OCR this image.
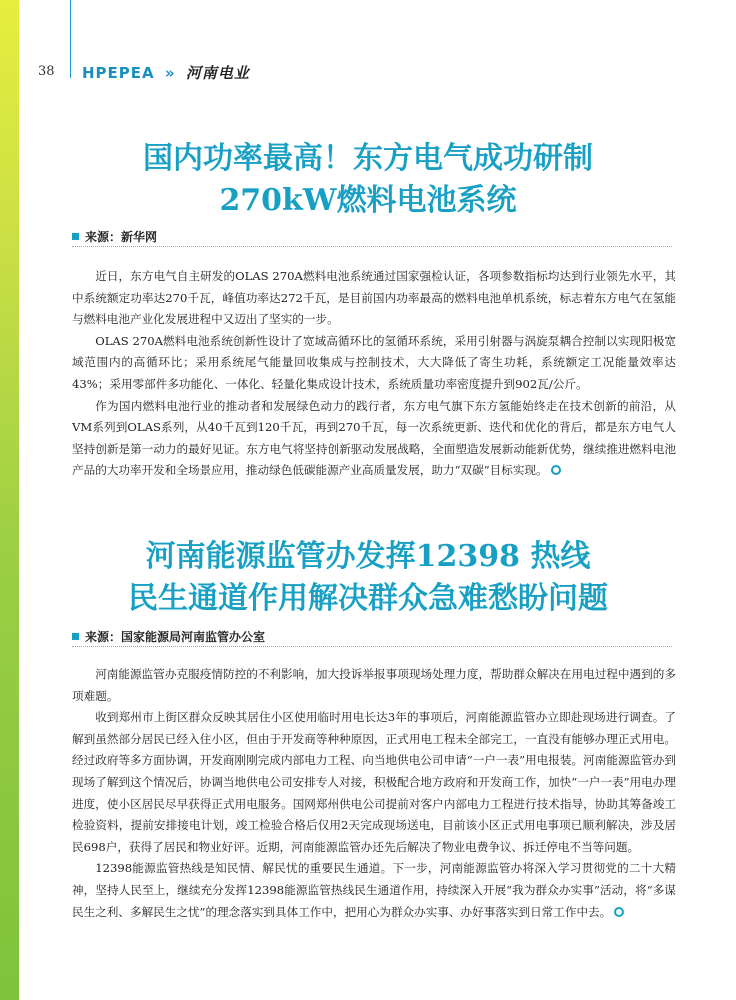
38 HPEPEA » 河南电业
国内功率最高！东方电气成功研制
270kW燃料电池系统
来源：新华网

近日，东方电气自主研发的OLAS 270A燃料电池系统通过国家强检认证，各项参数指标均达到行业领先水平，其中系统额定功率达270千瓦，峰值功率达272千瓦，是目前国内功率最高的燃料电池单机系统，标志着东方电气在氢能与燃料电池产业化发展进程中又迈出了坚实的一步。

OLAS 270A燃料电池系统创新性设计了宽域高循环比的氢循环系统，采用引射器与涡旋泵耦合控制以实现阳极宽域范围内的高循环比；采用系统尾气能量回收集成与控制技术，大大降低了寄生功耗，系统额定工况能量效率达43%；采用零部件多功能化、一体化、轻量化集成设计技术，系统质量功率密度提升到902瓦/公斤。

作为国内燃料电池行业的推动者和发展绿色动力的践行者，东方电气旗下东方氢能始终走在技术创新的前沿，从VM系列到OLAS系列，从40千瓦到120千瓦，再到270千瓦，每一次系统更新、迭代和优化的背后，都是东方电气人坚持创新是第一动力的最好见证。东方电气将坚持创新驱动发展战略，全面塑造发展新动能新优势，继续推进燃料电池产品的大功率开发和全场景应用，推动绿色低碳能源产业高质量发展，助力“双碳”目标实现。

河南能源监管办发挥12398 热线
民生通道作用解决群众急难愁盼问题
来源：国家能源局河南监管办公室

河南能源监管办克服疫情防控的不利影响，加大投诉举报事项现场处理力度，帮助群众解决在用电过程中遇到的多项难题。

收到郑州市上街区群众反映其居住小区使用临时用电长达3年的事项后，河南能源监管办立即赴现场进行调查。了解到虽然部分居民已经入住小区，但由于开发商等种种原因，正式用电工程未全部完工，一直没有能够办理正式用电。经过政府等多方面协调，开发商刚刚完成内部电力工程、向当地供电公司申请“一户一表”用电报装。河南能源监管办到现场了解到这个情况后，协调当地供电公司安排专人对接，积极配合地方政府和开发商工作，加快“一户一表”用电办理进度，使小区居民尽早获得正式用电服务。国网郑州供电公司提前对客户内部电力工程进行技术指导，协助其筹备竣工检验资料，提前安排接电计划，竣工检验合格后仅用2天完成现场送电，目前该小区正式用电事项已顺利解决，涉及居民698户，获得了居民和物业好评。近期，河南能源监管办还先后解决了物业电费争议、拆迁停电不当等问题。

12398能源监管热线是知民情、解民忧的重要民生通道。下一步，河南能源监管办将深入学习贯彻党的二十大精神，坚持人民至上，继续充分发挥12398能源监管热线民生通道作用，持续深入开展“我为群众办实事”活动，将“多谋民生之利、多解民生之忧”的理念落实到具体工作中，把用心为群众办实事、办好事落实到日常工作中去。
